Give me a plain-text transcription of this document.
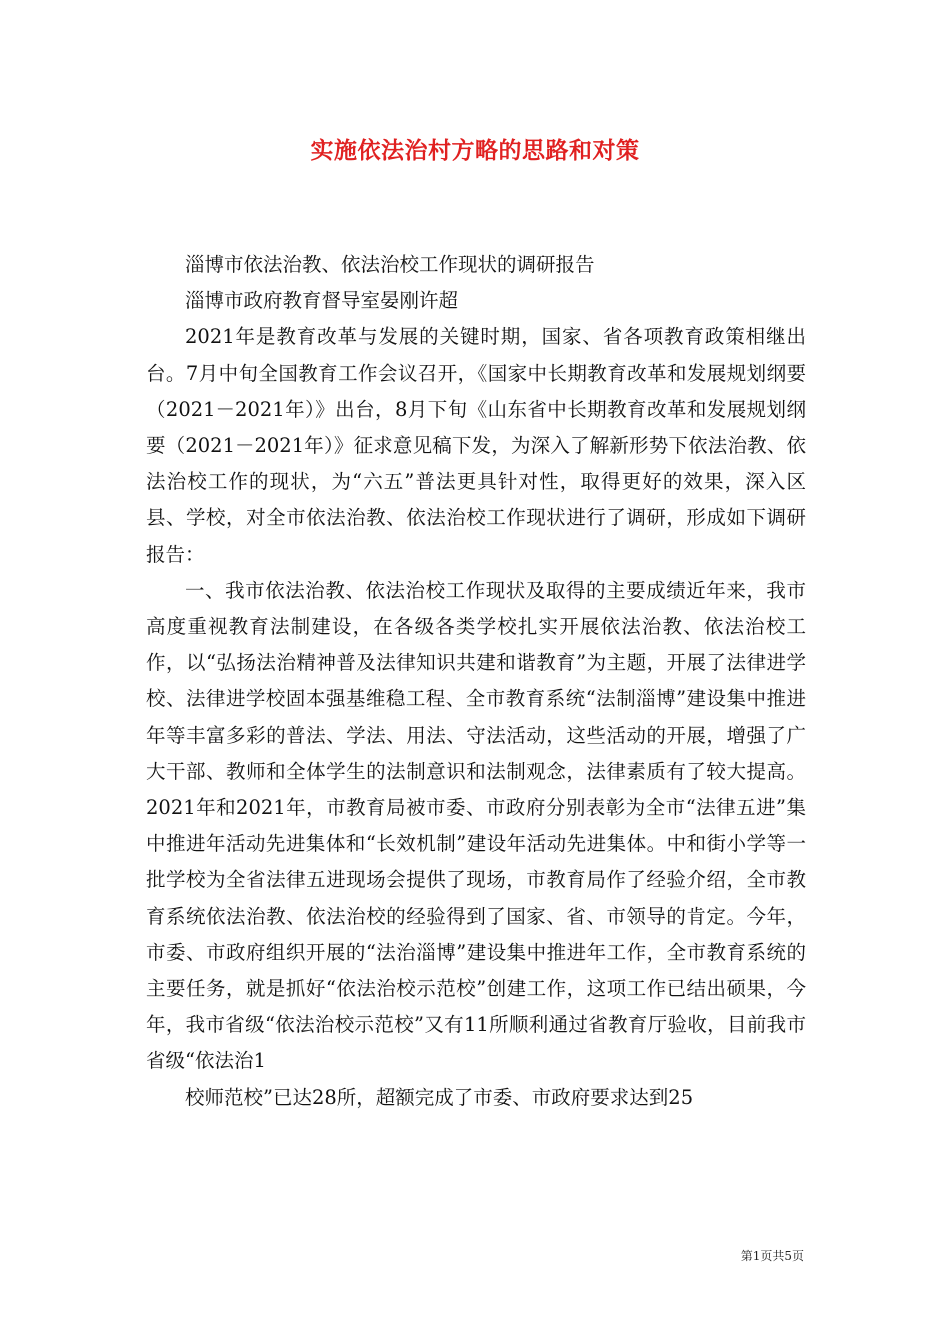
实施依法治村方略的思路和对策

淄博市依法治教、依法治校工作现状的调研报告

淄博市政府教育督导室晏刚许超

2021年是教育改革与发展的关键时期，国家、省各项教育政策相继出台。7月中旬全国教育工作会议召开，《国家中长期教育改革和发展规划纲要（2021－2021年）》出台，8月下旬《山东省中长期教育改革和发展规划纲要（2021－2021年）》征求意见稿下发，为深入了解新形势下依法治教、依法治校工作的现状，为“六五”普法更具针对性，取得更好的效果，深入区县、学校，对全市依法治教、依法治校工作现状进行了调研，形成如下调研报告：

一、我市依法治教、依法治校工作现状及取得的主要成绩近年来，我市高度重视教育法制建设，在各级各类学校扎实开展依法治教、依法治校工作，以“弘扬法治精神普及法律知识共建和谐教育”为主题，开展了法律进学校、法律进学校固本强基维稳工程、全市教育系统“法制淄博”建设集中推进年等丰富多彩的普法、学法、用法、守法活动，这些活动的开展，增强了广大干部、教师和全体学生的法制意识和法制观念，法律素质有了较大提高。2021年和2021年，市教育局被市委、市政府分别表彰为全市“法律五进”集中推进年活动先进集体和“长效机制”建设年活动先进集体。中和街小学等一批学校为全省法律五进现场会提供了现场，市教育局作了经验介绍，全市教育系统依法治教、依法治校的经验得到了国家、省、市领导的肯定。今年，市委、市政府组织开展的“法治淄博”建设集中推进年工作，全市教育系统的主要任务，就是抓好“依法治校示范校”创建工作，这项工作已结出硕果，今年，我市省级“依法治校示范校”又有11所顺利通过省教育厅验收，目前我市省级“依法治1

校师范校”已达28所，超额完成了市委、市政府要求达到25

第1页共5页
